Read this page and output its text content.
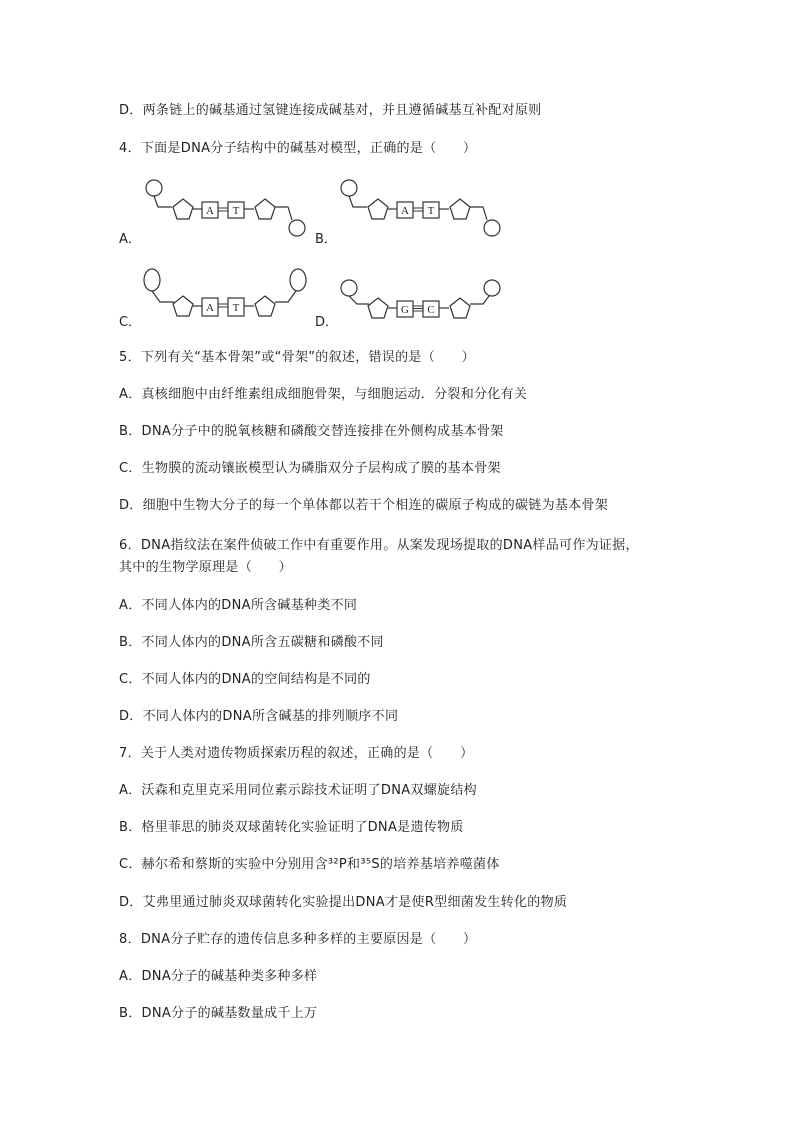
D．两条链上的碱基通过氢键连接成碱基对，并且遵循碱基互补配对原则
4．下面是DNA分子结构中的碱基对模型，正确的是（　　）
A．	B．
C．	D．
A T	A T
A T	G C
5．下列有关“基本骨架”或“骨架”的叙述，错误的是（　　）
A．真核细胞中由纤维素组成细胞骨架，与细胞运动．分裂和分化有关
B．DNA分子中的脱氧核糖和磷酸交替连接排在外侧构成基本骨架
C．生物膜的流动镶嵌模型认为磷脂双分子层构成了膜的基本骨架
D．细胞中生物大分子的每一个单体都以若干个相连的碳原子构成的碳链为基本骨架
6．DNA指纹法在案件侦破工作中有重要作用。从案发现场提取的DNA样品可作为证据，
其中的生物学原理是（　　）
A．不同人体内的DNA所含碱基种类不同
B．不同人体内的DNA所含五碳糖和磷酸不同
C．不同人体内的DNA的空间结构是不同的
D．不同人体内的DNA所含碱基的排列顺序不同
7．关于人类对遗传物质探索历程的叙述，正确的是（　　）
A．沃森和克里克采用同位素示踪技术证明了DNA双螺旋结构
B．格里菲思的肺炎双球菌转化实验证明了DNA是遗传物质
C．赫尔希和蔡斯的实验中分别用含³²P和³⁵S的培养基培养噬菌体
D．艾弗里通过肺炎双球菌转化实验提出DNA才是使R型细菌发生转化的物质
8．DNA分子贮存的遗传信息多种多样的主要原因是（　　）
A．DNA分子的碱基种类多种多样
B．DNA分子的碱基数量成千上万
